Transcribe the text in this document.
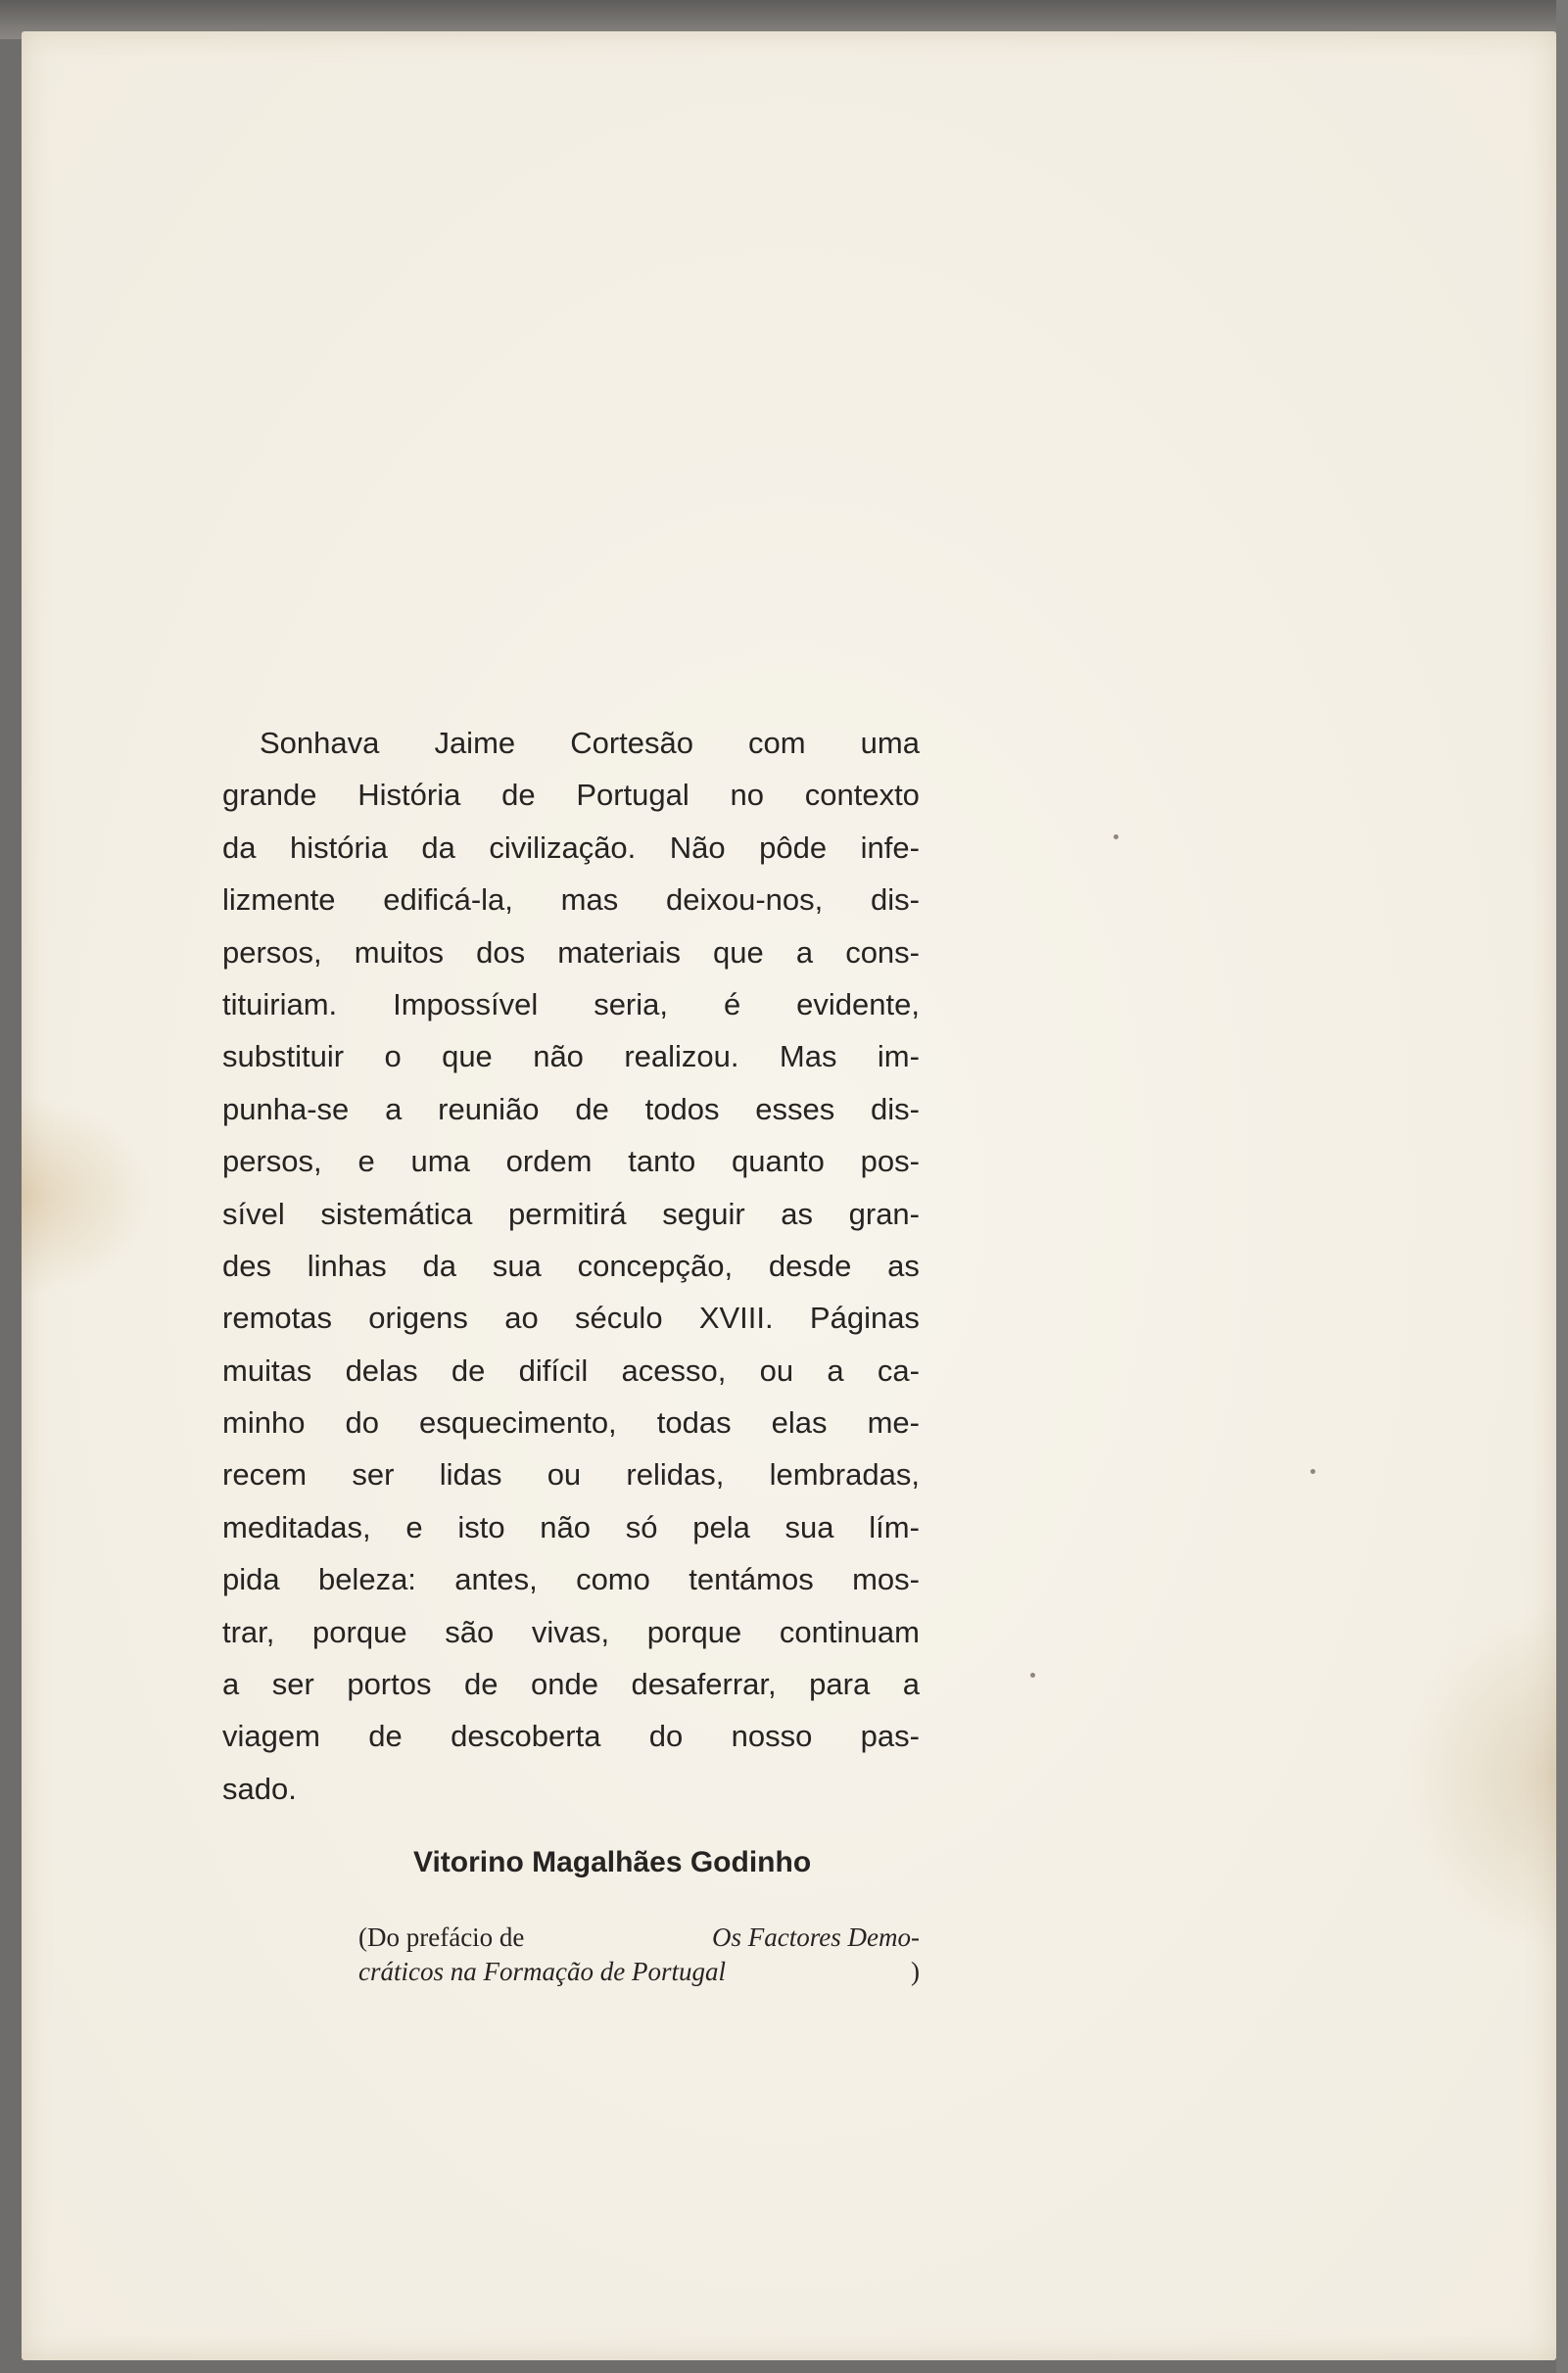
Sonhava Jaime Cortesão com uma
grande História de Portugal no contexto
da história da civilização. Não pôde infe-
lizmente edificá-la, mas deixou-nos, dis-
persos, muitos dos materiais que a cons-
tituiriam. Impossível seria, é evidente,
substituir o que não realizou. Mas im-
punha-se a reunião de todos esses dis-
persos, e uma ordem tanto quanto pos-
sível sistemática permitirá seguir as gran-
des linhas da sua concepção, desde as
remotas origens ao século XVIII. Páginas
muitas delas de difícil acesso, ou a ca-
minho do esquecimento, todas elas me-
recem ser lidas ou relidas, lembradas,
meditadas, e isto não só pela sua lím-
pida beleza: antes, como tentámos mos-
trar, porque são vivas, porque continuam
a ser portos de onde desaferrar, para a
viagem de descoberta do nosso pas-
sado.
Vitorino Magalhães Godinho
(Do prefácio de	Os Factores Demo-
cráticos na Formação de Portugal	)
